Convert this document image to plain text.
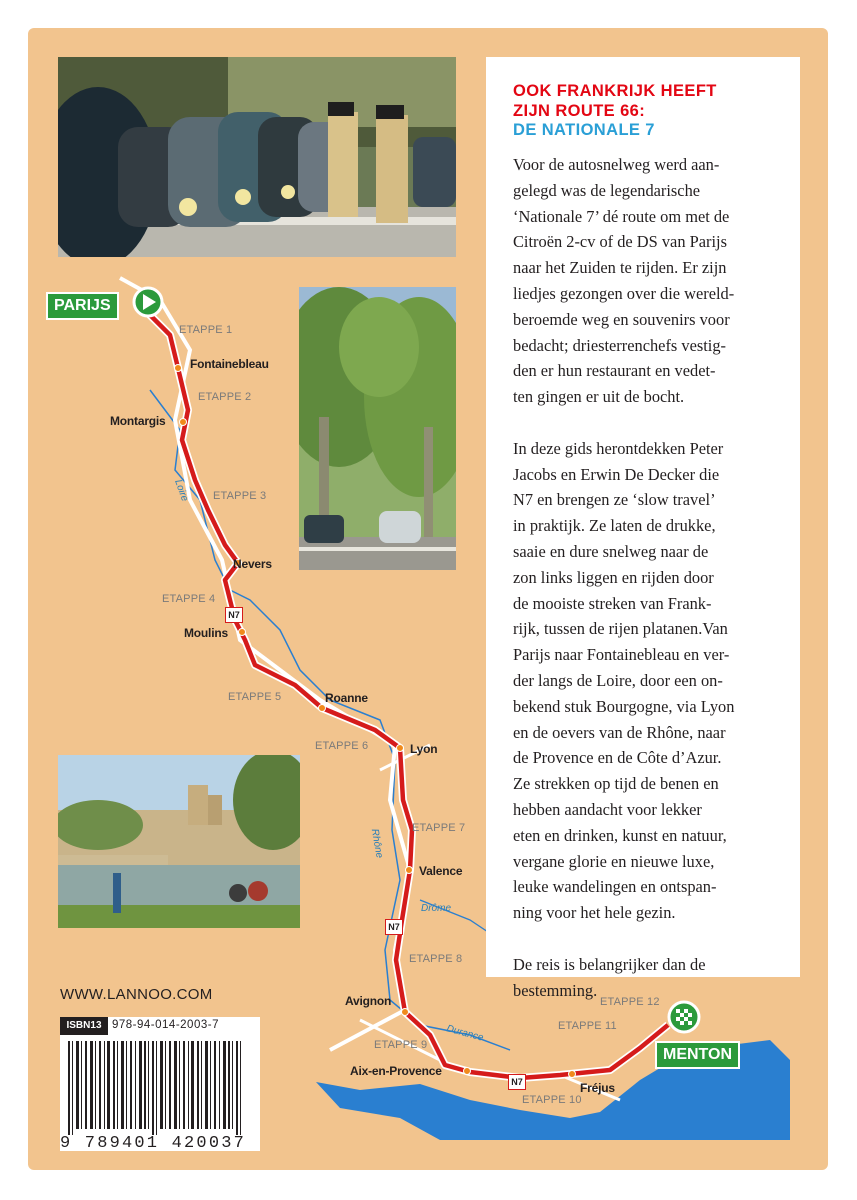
PARIJS
MENTON
Fontainebleau
Montargis
Nevers
Moulins
Roanne
Lyon
Valence
Avignon
Aix-en-Provence
Fréjus
ETAPPE 1
ETAPPE 2
ETAPPE 3
ETAPPE 4
ETAPPE 5
ETAPPE 6
ETAPPE 7
ETAPPE 8
ETAPPE 9
ETAPPE 10
ETAPPE 11
ETAPPE 12
Loire
Rhône
Drôme
Durance
N7
N7
N7
OOK FRANKRIJK HEEFT
ZIJN ROUTE 66:
DE NATIONALE 7

Voor de autosnelweg werd aan-
gelegd was de legendarische
‘Nationale 7’ dé route om met de
Citroën 2-cv of de DS van Parijs
naar het Zuiden te rijden. Er zijn
liedjes gezongen over die wereld-
beroemde weg en souvenirs voor
bedacht; driesterrenchefs vestig-
den er hun restaurant en vedet-
ten gingen er uit de bocht.

In deze gids herontdekken Peter
Jacobs en Erwin De Decker die
N7 en brengen ze ‘slow travel’
in praktijk. Ze laten de drukke,
saaie en dure snelweg naar de
zon links liggen en rijden door
de mooiste streken van Frank-
rijk, tussen de rijen platanen.Van
Parijs naar Fontainebleau en ver-
der langs de Loire, door een on-
bekend stuk Bourgogne, via Lyon
en de oevers van de Rhône, naar
de Provence en de Côte d’Azur.
Ze strekken op tijd de benen en
hebben aandacht voor lekker
eten en drinken, kunst en natuur,
vergane glorie en nieuwe luxe,
leuke wandelingen en ontspan-
ning voor het hele gezin.

De reis is belangrijker dan de
bestemming.

WWW.LANNOO.COM
ISBN13 978-94-014-2003-7
9 789401 420037
